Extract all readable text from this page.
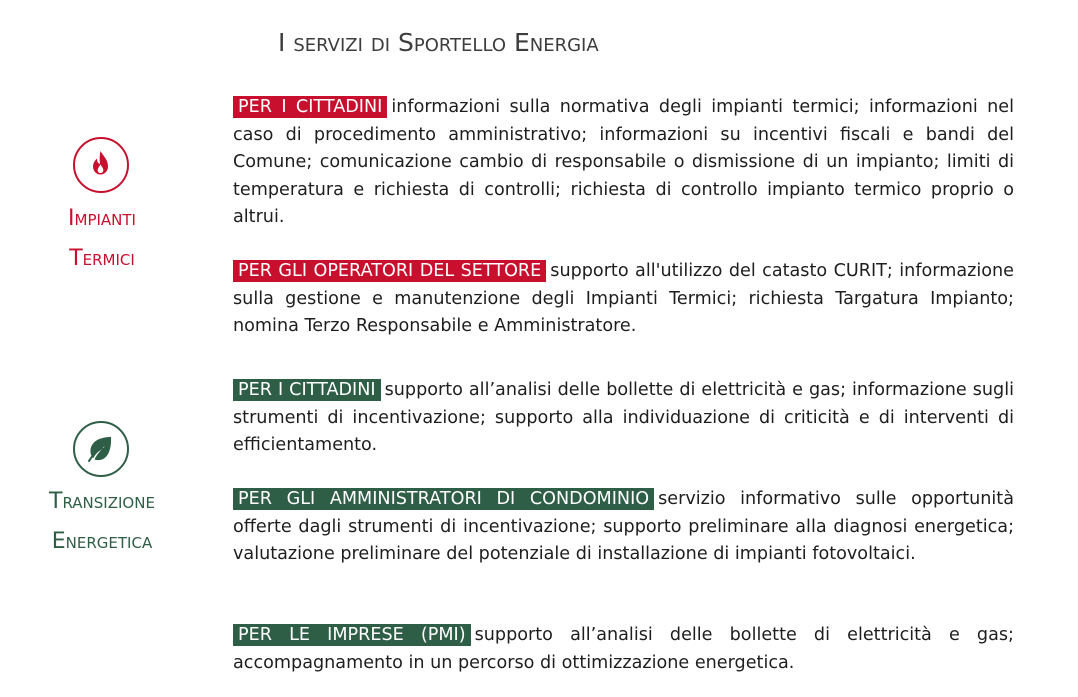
I servizi di Sportello Energia
Impianti
Termici
PER I CITTADINI informazioni sulla normativa degli impianti termici; informazioni nel caso di procedimento amministrativo; informazioni su incentivi fiscali e bandi del Comune; comunicazione cambio di responsabile o dismissione di un impianto; limiti di temperatura e richiesta di controlli; richiesta di controllo impianto termico proprio o altrui.
PER GLI OPERATORI DEL SETTORE supporto all'utilizzo del catasto CURIT; informazione sulla gestione e manutenzione degli Impianti Termici; richiesta Targatura Impianto; nomina Terzo Responsabile e Amministratore.
Transizione
Energetica
PER I CITTADINI supporto all’analisi delle bollette di elettricità e gas; informazione sugli strumenti di incentivazione; supporto alla individuazione di criticità e di interventi di efficientamento.
PER GLI AMMINISTRATORI DI CONDOMINIO servizio informativo sulle opportunità offerte dagli strumenti di incentivazione; supporto preliminare alla diagnosi energetica; valutazione preliminare del potenziale di installazione di impianti fotovoltaici.
PER LE IMPRESE (PMI) supporto all’analisi delle bollette di elettricità e gas; accompagnamento in un percorso di ottimizzazione energetica.
